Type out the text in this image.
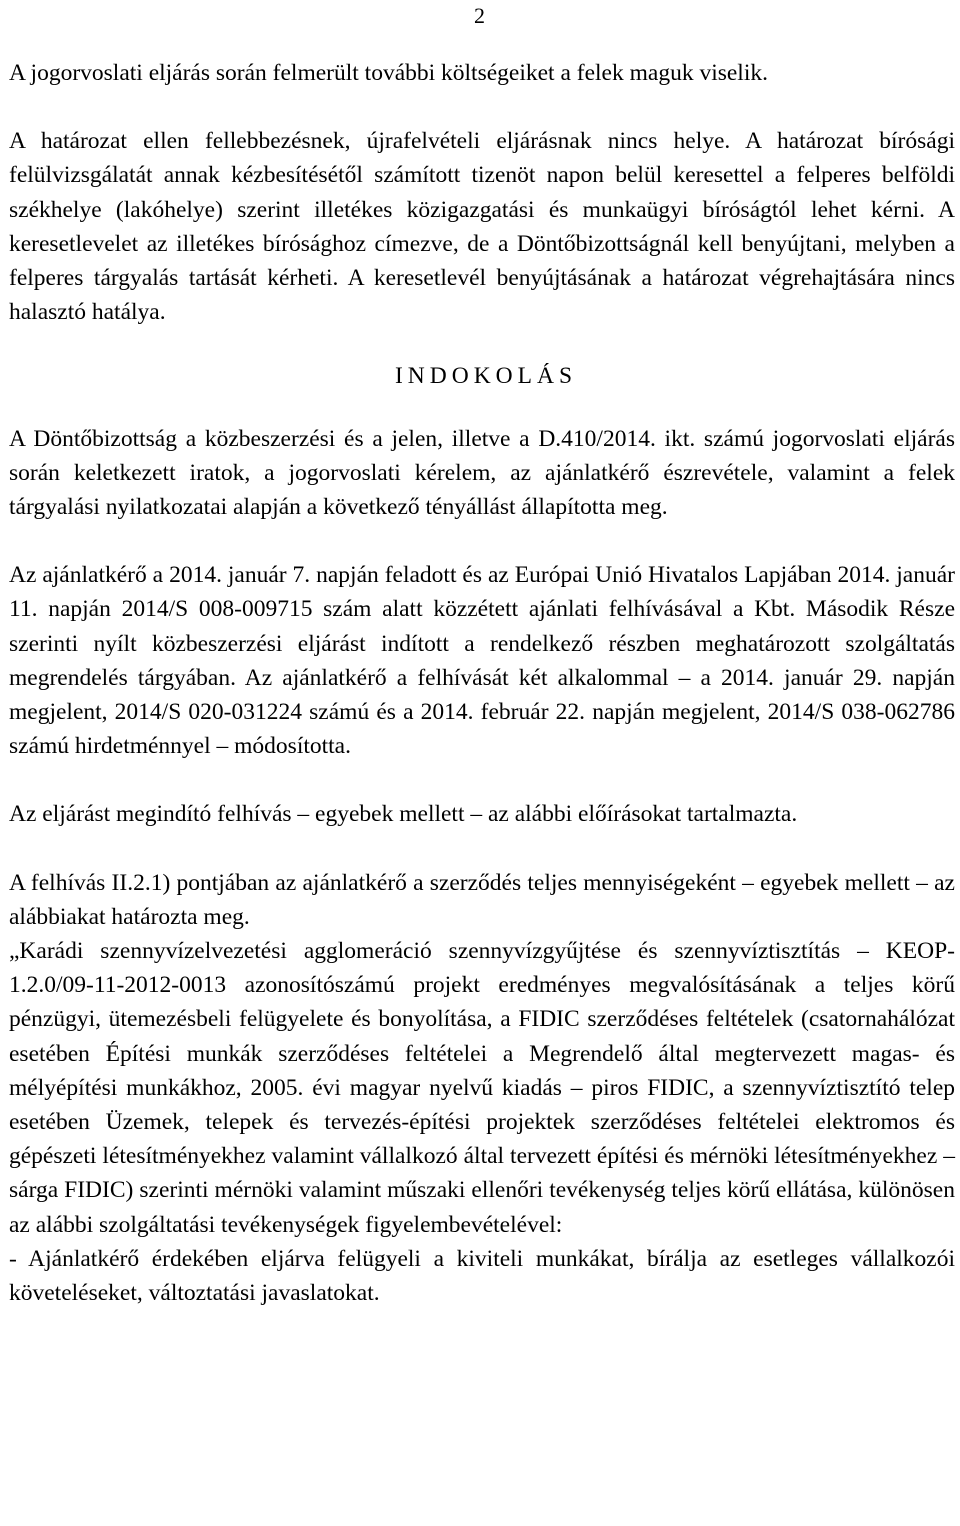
2

A jogorvoslati eljárás során felmerült további költségeiket a felek maguk viselik.

A határozat ellen fellebbezésnek, újrafelvételi eljárásnak nincs helye. A határozat bírósági felülvizsgálatát annak kézbesítésétől számított tizenöt napon belül keresettel a felperes belföldi székhelye (lakóhelye) szerint illetékes közigazgatási és munkaügyi bíróságtól lehet kérni. A keresetlevelet az illetékes bírósághoz címezve, de a Döntőbizottságnál kell benyújtani, melyben a felperes tárgyalás tartását kérheti. A keresetlevél benyújtásának a határozat végrehajtására nincs halasztó hatálya.

INDOKOLÁS

A Döntőbizottság a közbeszerzési és a jelen, illetve a D.410/2014. ikt. számú jogorvoslati eljárás során keletkezett iratok, a jogorvoslati kérelem, az ajánlatkérő észrevétele, valamint a felek tárgyalási nyilatkozatai alapján a következő tényállást állapította meg.

Az ajánlatkérő a 2014. január 7. napján feladott és az Európai Unió Hivatalos Lapjában 2014. január 11. napján 2014/S 008-009715 szám alatt közzétett ajánlati felhívásával a Kbt. Második Része szerinti nyílt közbeszerzési eljárást indított a rendelkező részben meghatározott szolgáltatás megrendelés tárgyában. Az ajánlatkérő a felhívását két alkalommal – a 2014. január 29. napján megjelent, 2014/S 020-031224 számú és a 2014. február 22. napján megjelent, 2014/S 038-062786 számú hirdetménnyel – módosította.

Az eljárást megindító felhívás – egyebek mellett – az alábbi előírásokat tartalmazta.

A felhívás II.2.1) pontjában az ajánlatkérő a szerződés teljes mennyiségeként – egyebek mellett – az alábbiakat határozta meg.

„Karádi szennyvízelvezetési agglomeráció szennyvízgyűjtése és szennyvíztisztítás – KEOP-1.2.0/09-11-2012-0013 azonosítószámú projekt eredményes megvalósításának a teljes körű pénzügyi, ütemezésbeli felügyelete és bonyolítása, a FIDIC szerződéses feltételek (csatornahálózat esetében Építési munkák szerződéses feltételei a Megrendelő által megtervezett magas- és mélyépítési munkákhoz, 2005. évi magyar nyelvű kiadás – piros FIDIC, a szennyvíztisztító telep esetében Üzemek, telepek és tervezés-építési projektek szerződéses feltételei elektromos és gépészeti létesítményekhez valamint vállalkozó által tervezett építési és mérnöki létesítményekhez – sárga FIDIC) szerinti mérnöki valamint műszaki ellenőri tevékenység teljes körű ellátása, különösen az alábbi szolgáltatási tevékenységek figyelembevételével:

- Ajánlatkérő érdekében eljárva felügyeli a kiviteli munkákat, bírálja az esetleges vállalkozói követeléseket, változtatási javaslatokat.
